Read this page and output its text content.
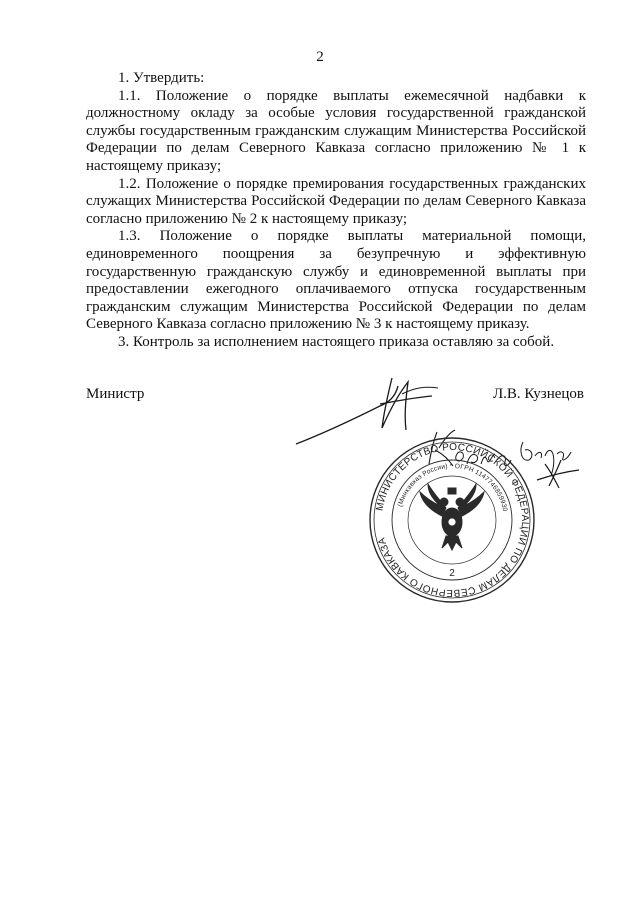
2

1. Утвердить:

1.1. Положение о порядке выплаты ежемесячной надбавки к должностному окладу за особые условия государственной гражданской службы государственным гражданским служащим Министерства Российской Федерации по делам Северного Кавказа согласно приложению № 1 к настоящему приказу;

1.2. Положение о порядке премирования государственных гражданских служащих Министерства Российской Федерации по делам Северного Кавказа согласно приложению № 2 к настоящему приказу;

1.3. Положение о порядке выплаты материальной помощи, единовременного поощрения за безупречную и эффективную государственную гражданскую службу и единовременной выплаты при предоставлении ежегодного оплачиваемого отпуска государственным гражданским служащим Министерства Российской Федерации по делам Северного Кавказа согласно приложению № 3 к настоящему приказу.

3. Контроль за исполнением настоящего приказа оставляю за собой.

Министр	Л.В. Кузнецов
МИНИСТЕРСТВО РОССИЙСКОЙ ФЕДЕРАЦИИ ПО ДЕЛАМ СЕВЕРНОГО КАВКАЗА
(Минкавказ России) * ОГРН 1147746859930
2
